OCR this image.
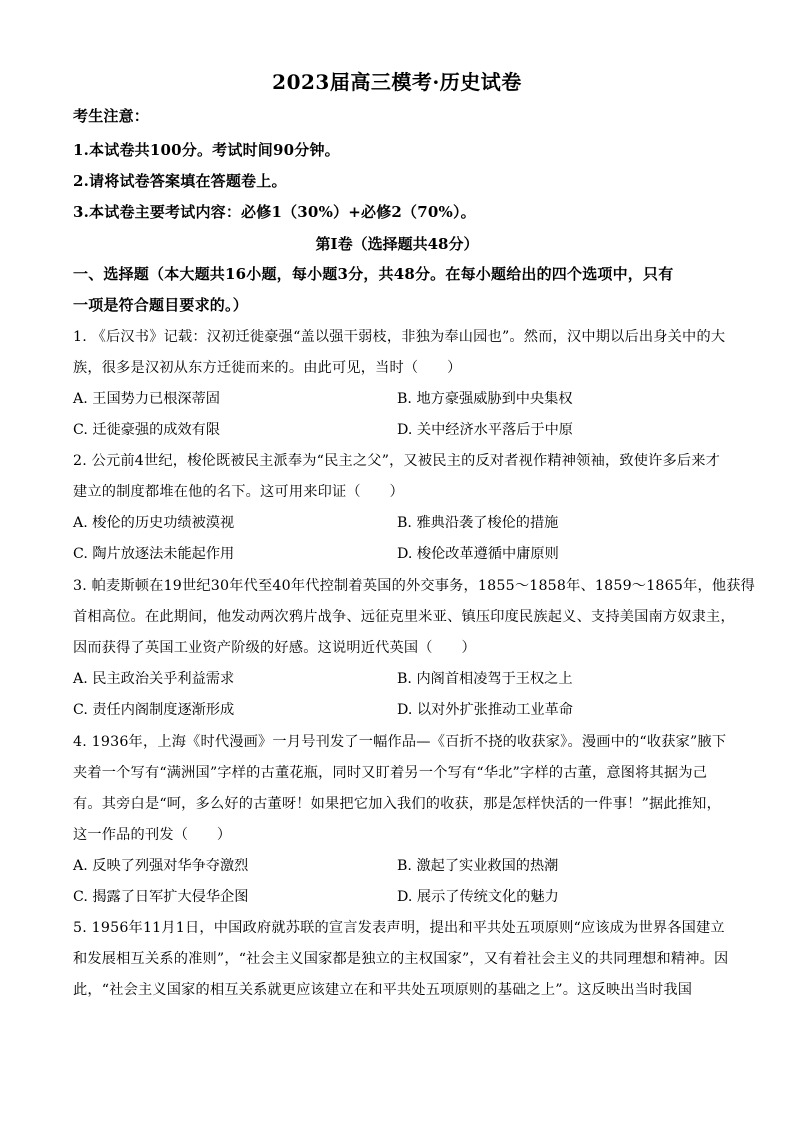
2023届高三模考·历史试卷
考生注意：
1.本试卷共100分。考试时间90分钟。
2.请将试卷答案填在答题卷上。
3.本试卷主要考试内容：必修1（30%）+必修2（70%）。
第Ⅰ卷（选择题共48分）
一、选择题（本大题共16小题，每小题3分，共48分。在每小题给出的四个选项中，只有
一项是符合题目要求的。）
1. 《后汉书》记载：汉初迁徙豪强“盖以强干弱枝，非独为奉山园也”。然而，汉中期以后出身关中的大
族，很多是汉初从东方迁徙而来的。由此可见，当时（　　）
A. 王国势力已根深蒂固	B. 地方豪强威胁到中央集权
C. 迁徙豪强的成效有限	D. 关中经济水平落后于中原
2. 公元前4世纪，梭伦既被民主派奉为“民主之父”，又被民主的反对者视作精神领袖，致使许多后来才
建立的制度都堆在他的名下。这可用来印证（　　）
A. 梭伦的历史功绩被漠视	B. 雅典沿袭了梭伦的措施
C. 陶片放逐法未能起作用	D. 梭伦改革遵循中庸原则
3. 帕麦斯顿在19世纪30年代至40年代控制着英国的外交事务，1855～1858年、1859～1865年，他获得
首相高位。在此期间，他发动两次鸦片战争、远征克里米亚、镇压印度民族起义、支持美国南方奴隶主，
因而获得了英国工业资产阶级的好感。这说明近代英国（　　）
A. 民主政治关乎利益需求	B. 内阁首相凌驾于王权之上
C. 责任内阁制度逐渐形成	D. 以对外扩张推动工业革命
4. 1936年，上海《时代漫画》一月号刊发了一幅作品—《百折不挠的收获家》。漫画中的“收获家”腋下
夹着一个写有“满洲国”字样的古董花瓶，同时又盯着另一个写有“华北”字样的古董，意图将其据为己
有。其旁白是“呵，多么好的古董呀！如果把它加入我们的收获，那是怎样快活的一件事！”据此推知，
这一作品的刊发（　　）
A. 反映了列强对华争夺激烈	B. 激起了实业救国的热潮
C. 揭露了日军扩大侵华企图	D. 展示了传统文化的魅力
5. 1956年11月1日，中国政府就苏联的宣言发表声明，提出和平共处五项原则“应该成为世界各国建立
和发展相互关系的准则”，“社会主义国家都是独立的主权国家”，又有着社会主义的共同理想和精神。因
此，“社会主义国家的相互关系就更应该建立在和平共处五项原则的基础之上”。这反映出当时我国
